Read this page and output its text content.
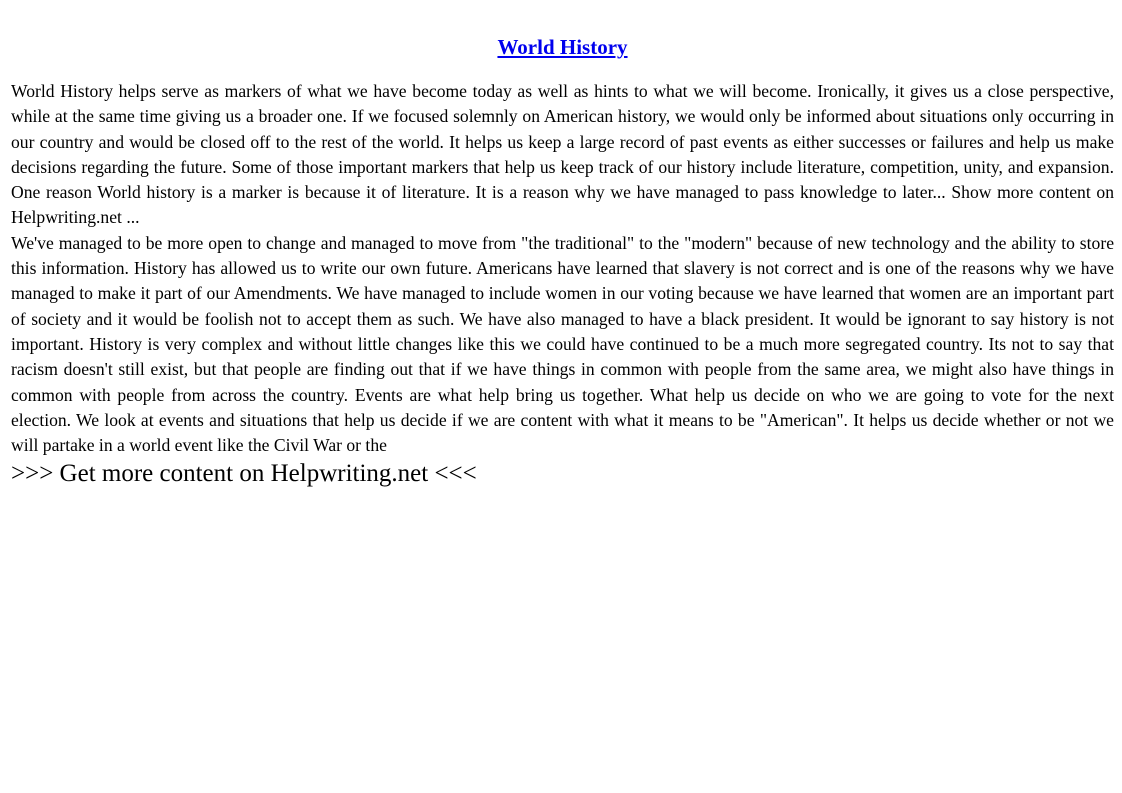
World History

World History helps serve as markers of what we have become today as well as hints to what we will become. Ironically, it gives us a close perspective, while at the same time giving us a broader one. If we focused solemnly on American history, we would only be informed about situations only occurring in our country and would be closed off to the rest of the world. It helps us keep a large record of past events as either successes or failures and help us make decisions regarding the future. Some of those important markers that help us keep track of our history include literature, competition, unity, and expansion. One reason World history is a marker is because it of literature. It is a reason why we have managed to pass knowledge to later... Show more content on Helpwriting.net ...

We've managed to be more open to change and managed to move from "the traditional" to the "modern" because of new technology and the ability to store this information. History has allowed us to write our own future. Americans have learned that slavery is not correct and is one of the reasons why we have managed to make it part of our Amendments. We have managed to include women in our voting because we have learned that women are an important part of society and it would be foolish not to accept them as such. We have also managed to have a black president. It would be ignorant to say history is not important. History is very complex and without little changes like this we could have continued to be a much more segregated country. Its not to say that racism doesn't still exist, but that people are finding out that if we have things in common with people from the same area, we might also have things in common with people from across the country. Events are what help bring us together. What help us decide on who we are going to vote for the next election. We look at events and situations that help us decide if we are content with what it means to be "American". It helps us decide whether or not we will partake in a world event like the Civil War or the

>>> Get more content on Helpwriting.net <<<
